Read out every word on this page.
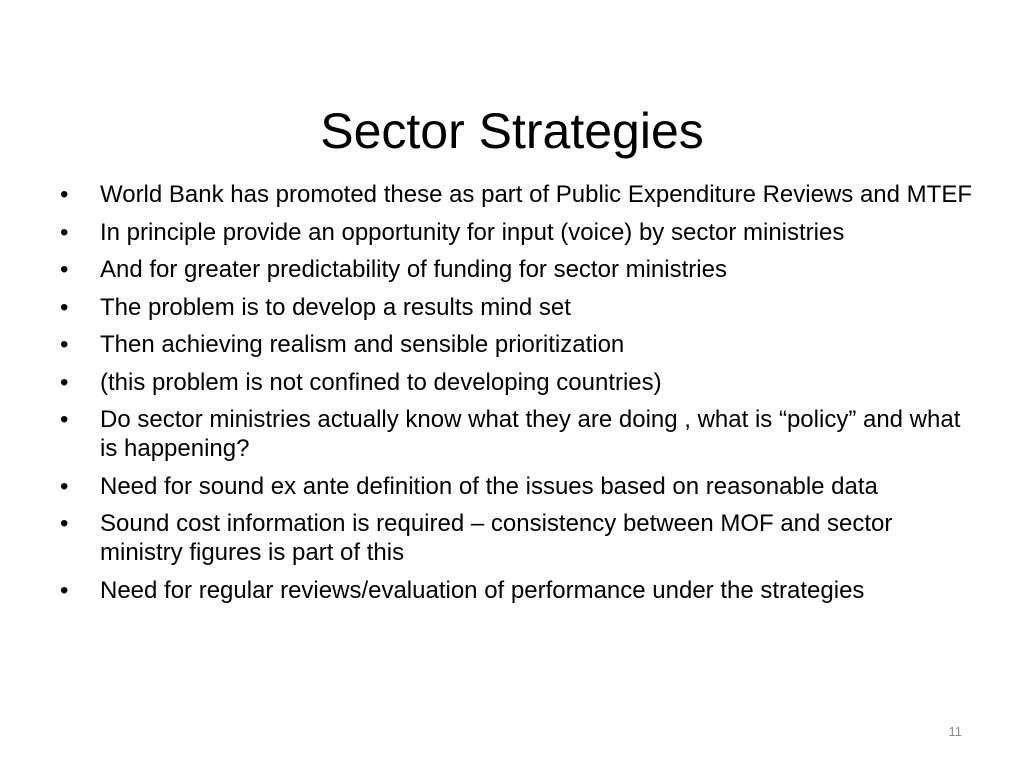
Sector Strategies
•	World Bank has promoted these as part of Public Expenditure Reviews and MTEF
•	In principle provide an opportunity for input (voice) by sector ministries
•	And for greater predictability of funding for sector ministries
•	The problem is to develop a results mind set
•	Then achieving realism and sensible prioritization
•	(this problem is not confined to developing countries)
•	Do sector ministries actually know what they are doing , what is “policy” and what is happening?
•	Need for sound ex ante definition of the issues based on reasonable data
•	Sound cost information is required – consistency between MOF and sector ministry figures is part of this
•	Need for regular reviews/evaluation of performance under the strategies
11
